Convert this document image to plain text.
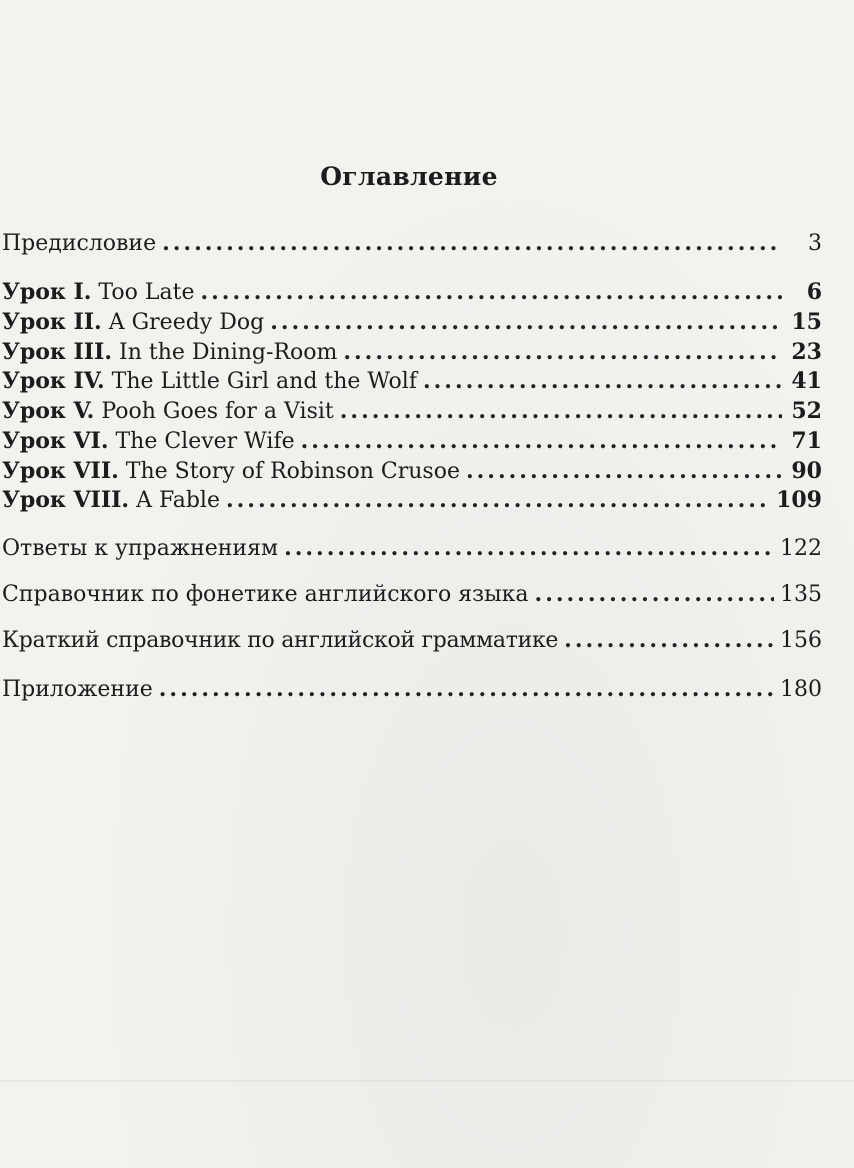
Оглавление
Предисловие .....	3
Урок I. Too Late .....	6
Урок II. A Greedy Dog .....	15
Урок III. In the Dining-Room .....	23
Урок IV. The Little Girl and the Wolf .....	41
Урок V. Pooh Goes for a Visit .....	52
Урок VI. The Clever Wife .....	71
Урок VII. The Story of Robinson Crusoe .....	90
Урок VIII. A Fable .....	109
Ответы к упражнениям .....	122
Справочник по фонетике английского языка .....	135
Краткий справочник по английской грамматике .....	156
Приложение .....	180
